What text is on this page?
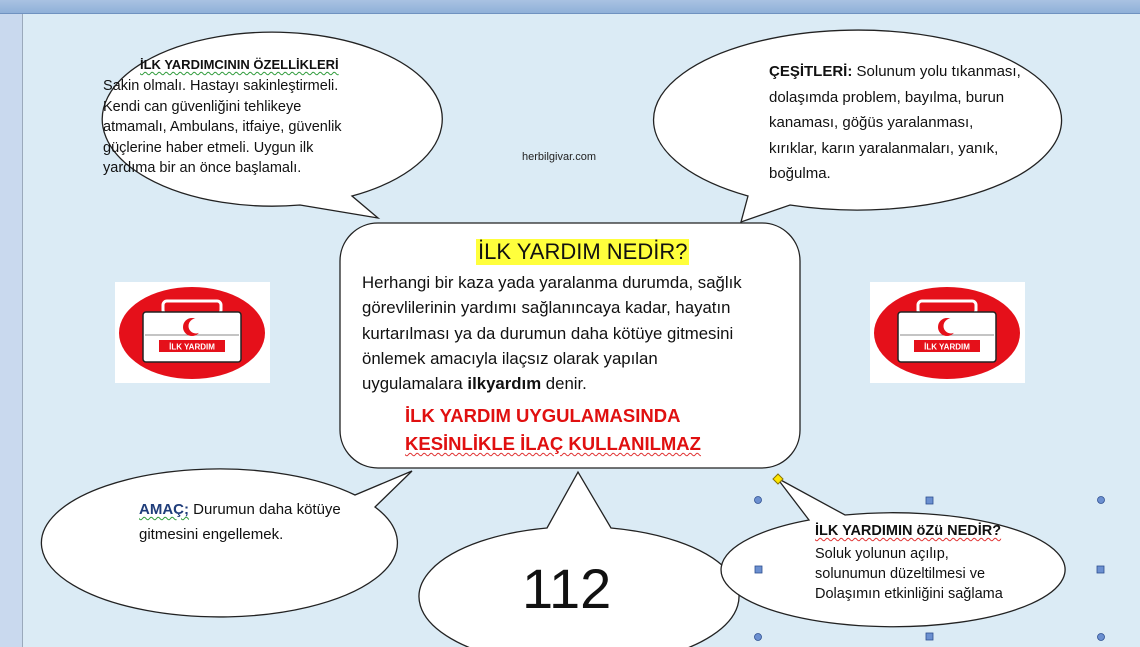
İLK YARDIM	İLK YARDIM
İLK YARDIMCININ ÖZELLİKLERİ
Sakin olmalı. Hastayı sakinleştirmeli.
Kendi can güvenliğini tehlikeye
atmamalı, Ambulans, itfaiye, güvenlik
güçlerine haber etmeli. Uygun ilk
yardıma bir an önce başlamalı.
herbilgivar.com
ÇEŞİTLERİ: Solunum yolu tıkanması,
dolaşımda problem, bayılma, burun
kanaması, göğüs yaralanması,
kırıklar, karın yaralanmaları, yanık,
boğulma.
İLK YARDIM NEDİR?
Herhangi bir kaza yada yaralanma durumda, sağlık
görevlilerinin yardımı sağlanıncaya kadar, hayatın
kurtarılması ya da durumun daha kötüye gitmesini
önlemek amacıyla ilaçsız olarak yapılan
uygulamalara ilkyardım denir.
İLK YARDIM UYGULAMASINDA
KESİNLİKLE İLAÇ KULLANILMAZ
AMAÇ; Durumun daha kötüye
gitmesini engellemek.
112
İLK YARDIMIN öZü NEDİR?
Soluk yolunun açılıp,
solunumun düzeltilmesi ve
Dolaşımın etkinliğini sağlama
